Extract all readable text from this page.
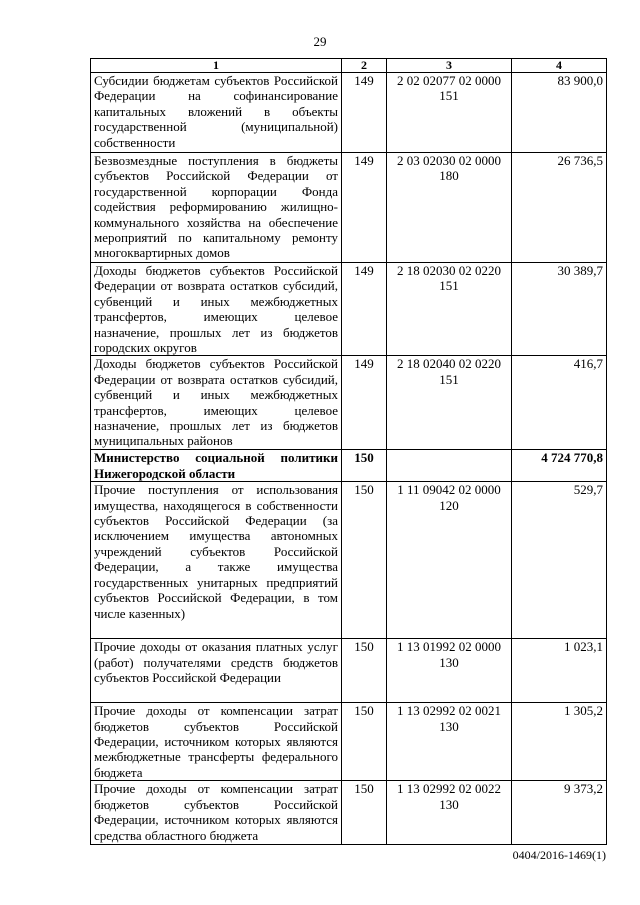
29
1	2	3	4
Субсидии бюджетам субъектов Российской Федерации на софинансирование капитальных вложений в объекты государственной (муниципальной) собственности	149	2 02 02077 02 0000 151	83 900,0
Безвозмездные поступления в бюджеты субъектов Российской Федерации от государственной корпорации Фонда содействия реформированию жилищно-коммунального хозяйства на обеспечение мероприятий по капитальному ремонту многоквартирных домов	149	2 03 02030 02 0000 180	26 736,5
Доходы бюджетов субъектов Российской Федерации от возврата остатков субсидий, субвенций и иных межбюджетных трансфертов, имеющих целевое назначение, прошлых лет из бюджетов городских округов	149	2 18 02030 02 0220 151	30 389,7
Доходы бюджетов субъектов Российской Федерации от возврата остатков субсидий, субвенций и иных межбюджетных трансфертов, имеющих целевое назначение, прошлых лет из бюджетов муниципальных районов	149	2 18 02040 02 0220 151	416,7
Министерство социальной политики Нижегородской области	150		4 724 770,8
Прочие поступления от использования имущества, находящегося в собственности субъектов Российской Федерации (за исключением имущества автономных учреждений субъектов Российской Федерации, а также имущества государственных унитарных предприятий субъектов Российской Федерации, в том числе казенных)	150	1 11 09042 02 0000 120	529,7
Прочие доходы от оказания платных услуг (работ) получателями средств бюджетов субъектов Российской Федерации	150	1 13 01992 02 0000 130	1 023,1
Прочие доходы от компенсации затрат бюджетов субъектов Российской Федерации, источником которых являются межбюджетные трансферты федерального бюджета	150	1 13 02992 02 0021 130	1 305,2
Прочие доходы от компенсации затрат бюджетов субъектов Российской Федерации, источником которых являются средства областного бюджета	150	1 13 02992 02 0022 130	9 373,2
0404/2016-1469(1)
